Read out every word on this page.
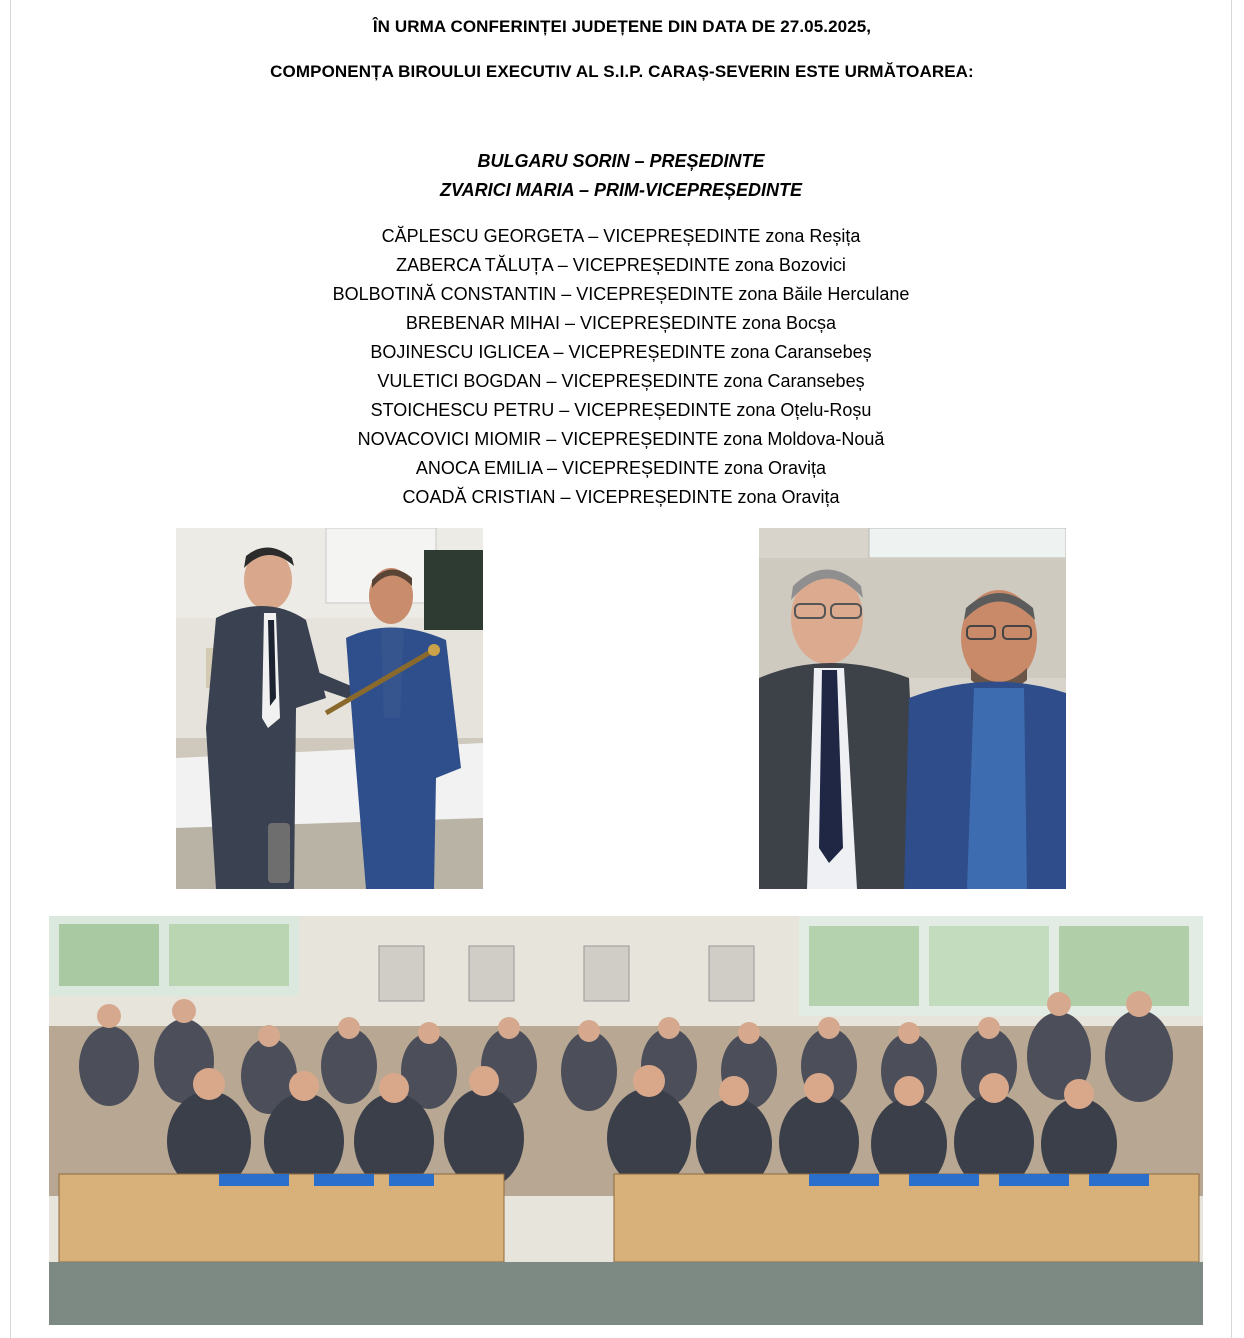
ÎN URMA CONFERINȚEI JUDEȚENE DIN DATA DE 27.05.2025,
COMPONENȚA BIROULUI EXECUTIV AL S.I.P. CARAȘ-SEVERIN ESTE URMĂTOAREA:
BULGARU SORIN – PREȘEDINTE
ZVARICI MARIA – PRIM-VICEPREȘEDINTE
CĂPLESCU GEORGETA – VICEPREȘEDINTE zona Reșița
ZABERCA TĂLUȚA – VICEPREȘEDINTE zona Bozovici
BOLBOTINĂ CONSTANTIN – VICEPREȘEDINTE zona Băile Herculane
BREBENAR MIHAI – VICEPREȘEDINTE zona Bocșa
BOJINESCU IGLICEA – VICEPREȘEDINTE zona Caransebeș
VULETICI BOGDAN – VICEPREȘEDINTE zona Caransebeș
STOICHESCU PETRU – VICEPREȘEDINTE zona Oțelu-Roșu
NOVACOVICI MIOMIR – VICEPREȘEDINTE zona Moldova-Nouă
ANOCA EMILIA – VICEPREȘEDINTE zona Oravița
COADĂ CRISTIAN – VICEPREȘEDINTE zona Oravița
